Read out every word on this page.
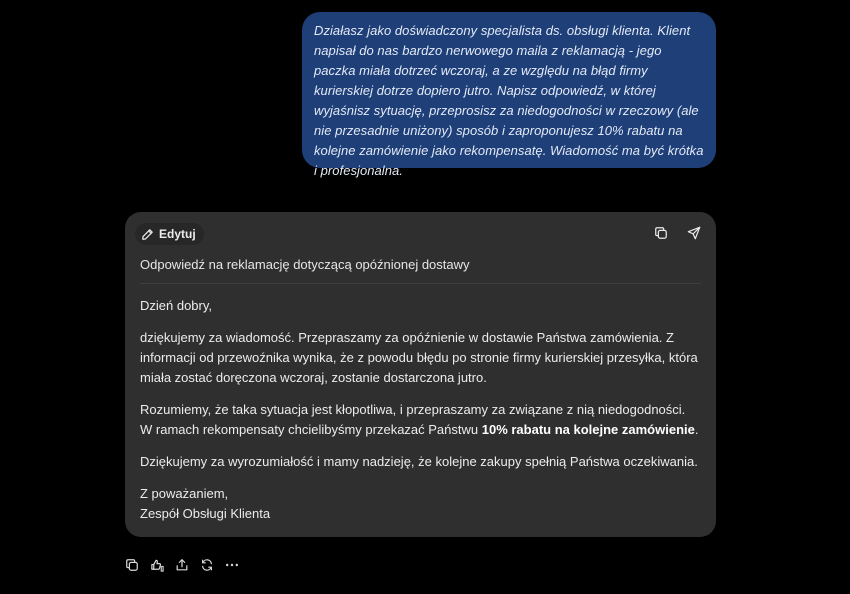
Działasz jako doświadczony specjalista ds. obsługi klienta. Klient napisał do nas bardzo nerwowego maila z reklamacją - jego paczka miała dotrzeć wczoraj, a ze względu na błąd firmy kurierskiej dotrze dopiero jutro. Napisz odpowiedź, w której wyjaśnisz sytuację, przeprosisz za niedogodności w rzeczowy (ale nie przesadnie uniżony) sposób i zaproponujesz 10% rabatu na kolejne zamówienie jako rekompensatę. Wiadomość ma być krótka i profesjonalna.

Edytuj
Odpowiedź na reklamację dotyczącą opóźnionej dostawy

Dzień dobry,

dziękujemy za wiadomość. Przepraszamy za opóźnienie w dostawie Państwa zamówienia. Z informacji od przewoźnika wynika, że z powodu błędu po stronie firmy kurierskiej przesyłka, która miała zostać doręczona wczoraj, zostanie dostarczona jutro.

Rozumiemy, że taka sytuacja jest kłopotliwa, i przepraszamy za związane z nią niedogodności. W ramach rekompensaty chcielibyśmy przekazać Państwu 10% rabatu na kolejne zamówienie.

Dziękujemy za wyrozumiałość i mamy nadzieję, że kolejne zakupy spełnią Państwa oczekiwania.

Z poważaniem,

Zespół Obsługi Klienta
